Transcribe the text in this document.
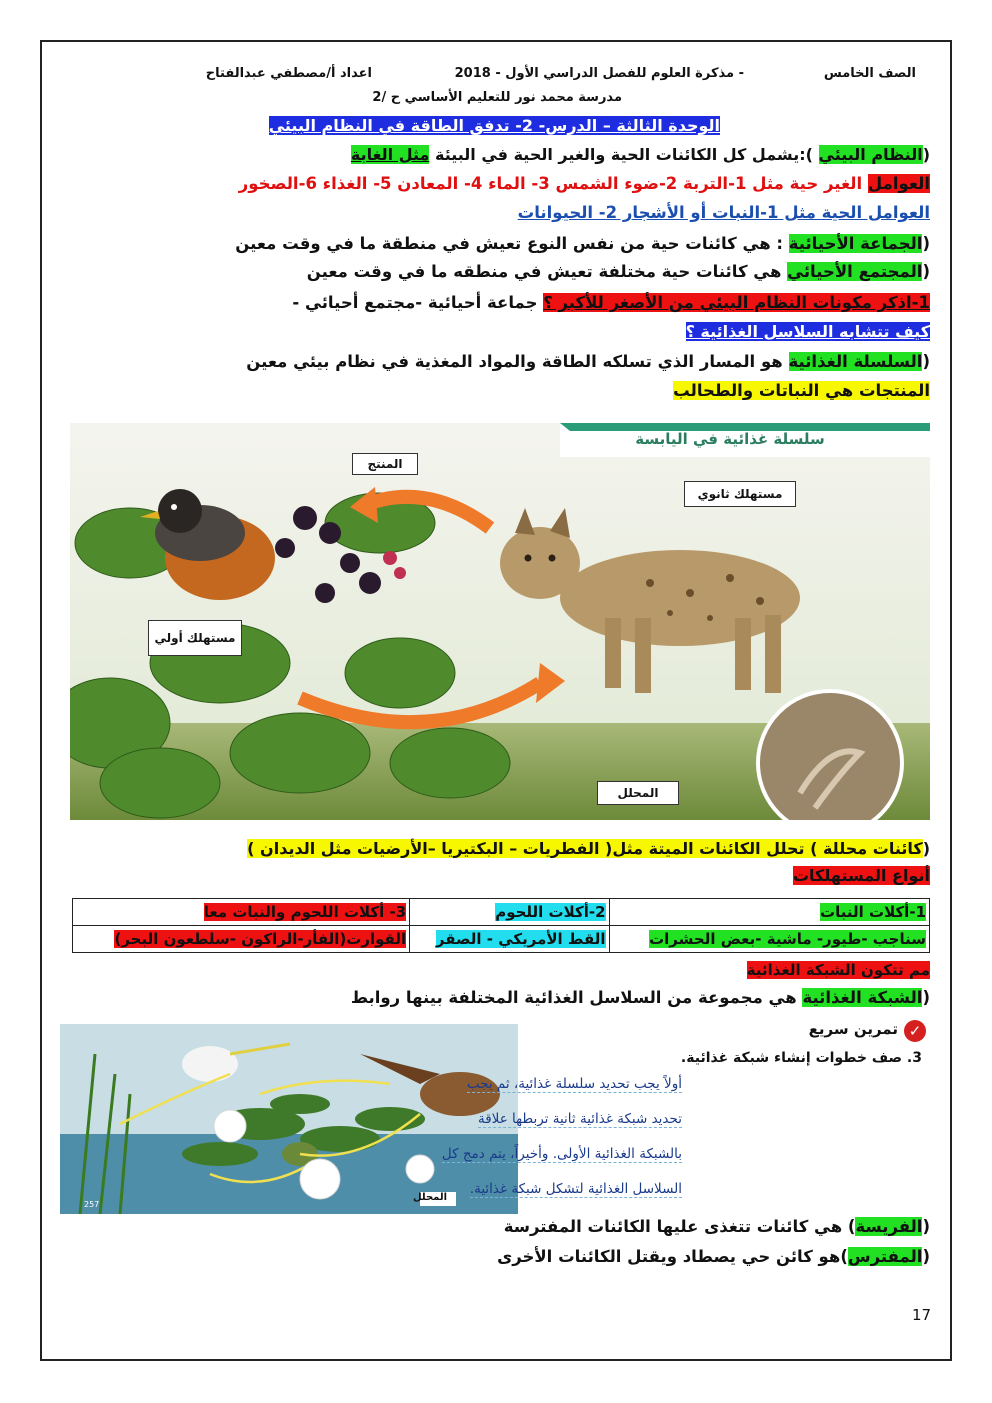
الصف الخامس
- مذكرة العلوم للفصل الدراسي الأول - 2018
اعداد أ/مصطفي عبدالفتاح
مدرسة محمد نور للتعليم الأساسي ح /2
الوحدة الثالثة – الدرس- 2- تدفق الطاقة في النظام البيئي
(النظام البيئي ):يشمل كل الكائنات الحية والغير الحية في البيئة مثل الغابة
العوامل الغير حية مثل 1-التربة 2-ضوء الشمس 3- الماء 4- المعادن 5- الغذاء 6-الصخور
العوامل الحية مثل 1-النبات أو الأشجار 2- الحيوانات
(الجماعة الأحيائية : هي كائنات حية من نفس النوع تعيش في منطقة ما في وقت معين
(المجتمع الأحيائي هي كائنات حية مختلفة تعيش في منطقه ما في وقت معين
1-اذكر مكونات النظام البيئي من الأصغر للأكبر ؟ جماعة أحيائية -مجتمع أحيائي -
كيف تتشابه السلاسل الغذائية ؟
(السلسلة الغذائية هو المسار الذي تسلكه الطاقة والمواد المغذية في نظام بيئي معين
المنتجات هي النباتات والطحالب
سلسلة غذائية في اليابسة
المنتج
مستهلك ثانوي
مستهلك أولي
المحلل
(كائنات محللة ) تحلل الكائنات الميتة مثل( الفطريات – البكتيريا –الأرضيات مثل الديدان )
أنواع المستهلكات
1-أكلات النبات	2-أكلات اللحوم	3- أكلات اللحوم والنبات معا
سناجب -طيور- ماشية -بعض الحشرات	القط الأمريكي - الصقر	القوارت(الفأر-الراكون -سلطعون البحر)
مم تتكون الشبكة الغذائية
(الشبكة الغذائية هي مجموعة من السلاسل الغذائية المختلفة بينها روابط
المحلل
257
✓
تمرين سريع
3. صف خطوات إنشاء شبكة غذائية.
أولاً يجب تحديد سلسلة غذائية، ثم يجب
تحديد شبكة غذائية ثانية تربطها علاقة
بالشبكة الغذائية الأولى. وأخيراً، يتم دمج كل
السلاسل الغذائية لتشكل شبكة غذائية.
(الفريسة) هي كائنات تتغذى عليها الكائنات المفترسة
(المفترس)هو كائن حي يصطاد ويقتل الكائنات الأخرى
17
